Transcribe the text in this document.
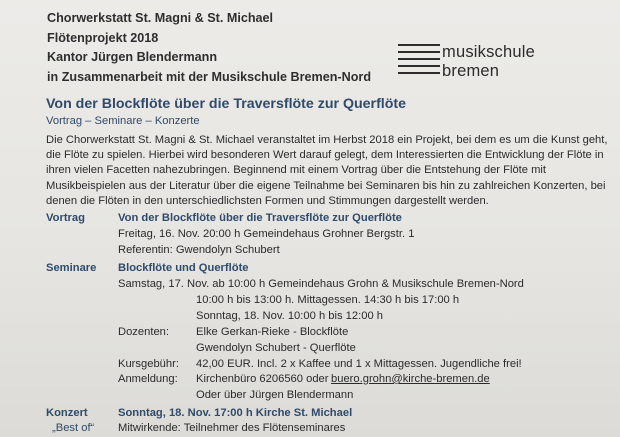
Chorwerkstatt St. Magni & St. Michael
Flötenprojekt 2018
Kantor Jürgen Blendermann
in Zusammenarbeit mit der Musikschule Bremen-Nord
musikschule
bremen
Von der Blockflöte über die Traversflöte zur Querflöte
Vortrag – Seminare – Konzerte
Die Chorwerkstatt St. Magni & St. Michael veranstaltet im Herbst 2018 ein Projekt, bei dem es um die Kunst geht,
die Flöte zu spielen. Hierbei wird besonderen Wert darauf gelegt, dem Interessierten die Entwicklung der Flöte in
ihren vielen Facetten nahezubringen. Beginnend mit einem Vortrag über die Entstehung der Flöte mit
Musikbeispielen aus der Literatur über die eigene Teilnahme bei Seminaren bis hin zu zahlreichen Konzerten, bei
denen die Flöten in den unterschiedlichsten Formen und Stimmungen dargestellt werden.
Vortrag	Von der Blockflöte über die Traversflöte zur Querflöte
Freitag, 16. Nov. 20:00 h Gemeindehaus Grohner Bergstr. 1
Referentin: Gwendolyn Schubert
Seminare Blockflöte und Querflöte
Samstag, 17. Nov. ab 10:00 h Gemeindehaus Grohn & Musikschule Bremen-Nord
10:00 h bis 13:00 h. Mittagessen. 14:30 h bis 17:00 h
Sonntag, 18. Nov. 10:00 h bis 12:00 h
Dozenten: Elke Gerkan-Rieke - Blockflöte
Gwendolyn Schubert - Querflöte
Kursgebühr: 42,00 EUR. Incl. 2 x Kaffee und 1 x Mittagessen. Jugendliche frei!
Anmeldung: Kirchenbüro 6206560 oder buero.grohn@kirche-bremen.de
Oder über Jürgen Blendermann
Konzert
„Best of“
Sonntag, 18. Nov. 17:00 h Kirche St. Michael
Mitwirkende: Teilnehmer des Flötenseminares
